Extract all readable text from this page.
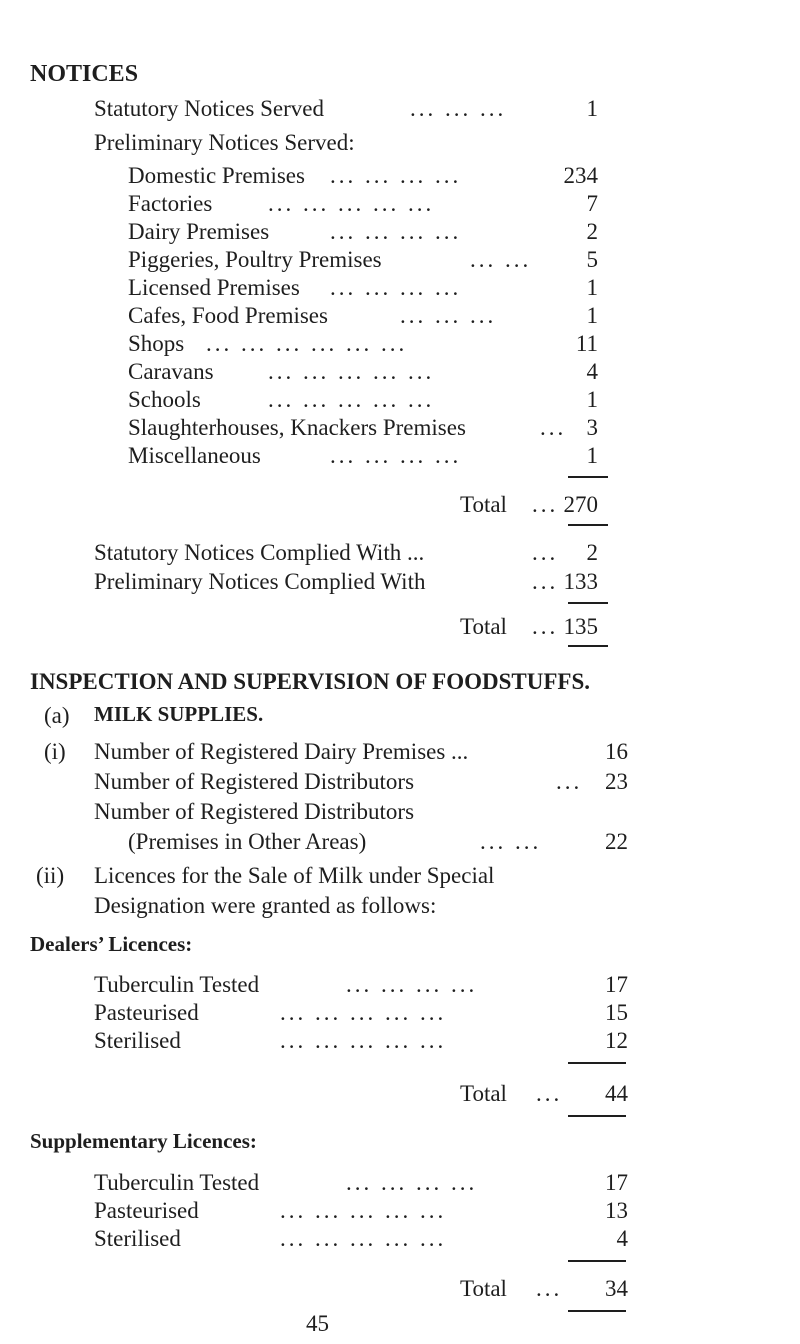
NOTICES
Statutory Notices Served	... ... ...	1
Preliminary Notices Served:
Domestic Premises ... ... ... ...	234
Factories ... ... ... ... ...	7
Dairy Premises	... ... ... ...	2
Piggeries, Poultry Premises	... ...	5
Licensed Premises ... ... ... ...	1
Cafes, Food Premises	... ... ...	1
Shops ... ... ... ... ... ...	11
Caravans ... ... ... ... ...	4
Schools	... ... ... ... ...	1
Slaughterhouses, Knackers Premises	... 3
Miscellaneous	... ... ... ...	1
Total ... 270
Statutory Notices Complied With ...	...	2
Preliminary Notices Complied With	... 133
Total ... 135
INSPECTION AND SUPERVISION OF FOODSTUFFS.
(a) MILK SUPPLIES.
(i) Number of Registered Dairy Premises ...	16
Number of Registered Distributors	... 23
Number of Registered Distributors
(Premises in Other Areas)	... ...	22
(ii) Licences for the Sale of Milk under Special
Designation were granted as follows:
Dealers’ Licences:
Tuberculin Tested	... ... ... ...	17
Pasteurised	... ... ... ... ...	15
Sterilised	... ... ... ... ...	12
Total ...	44
Supplementary Licences:
Tuberculin Tested	... ... ... ...	17
Pasteurised	... ... ... ... ...	13
Sterilised	... ... ... ... ...	4
Total ...	34
45
